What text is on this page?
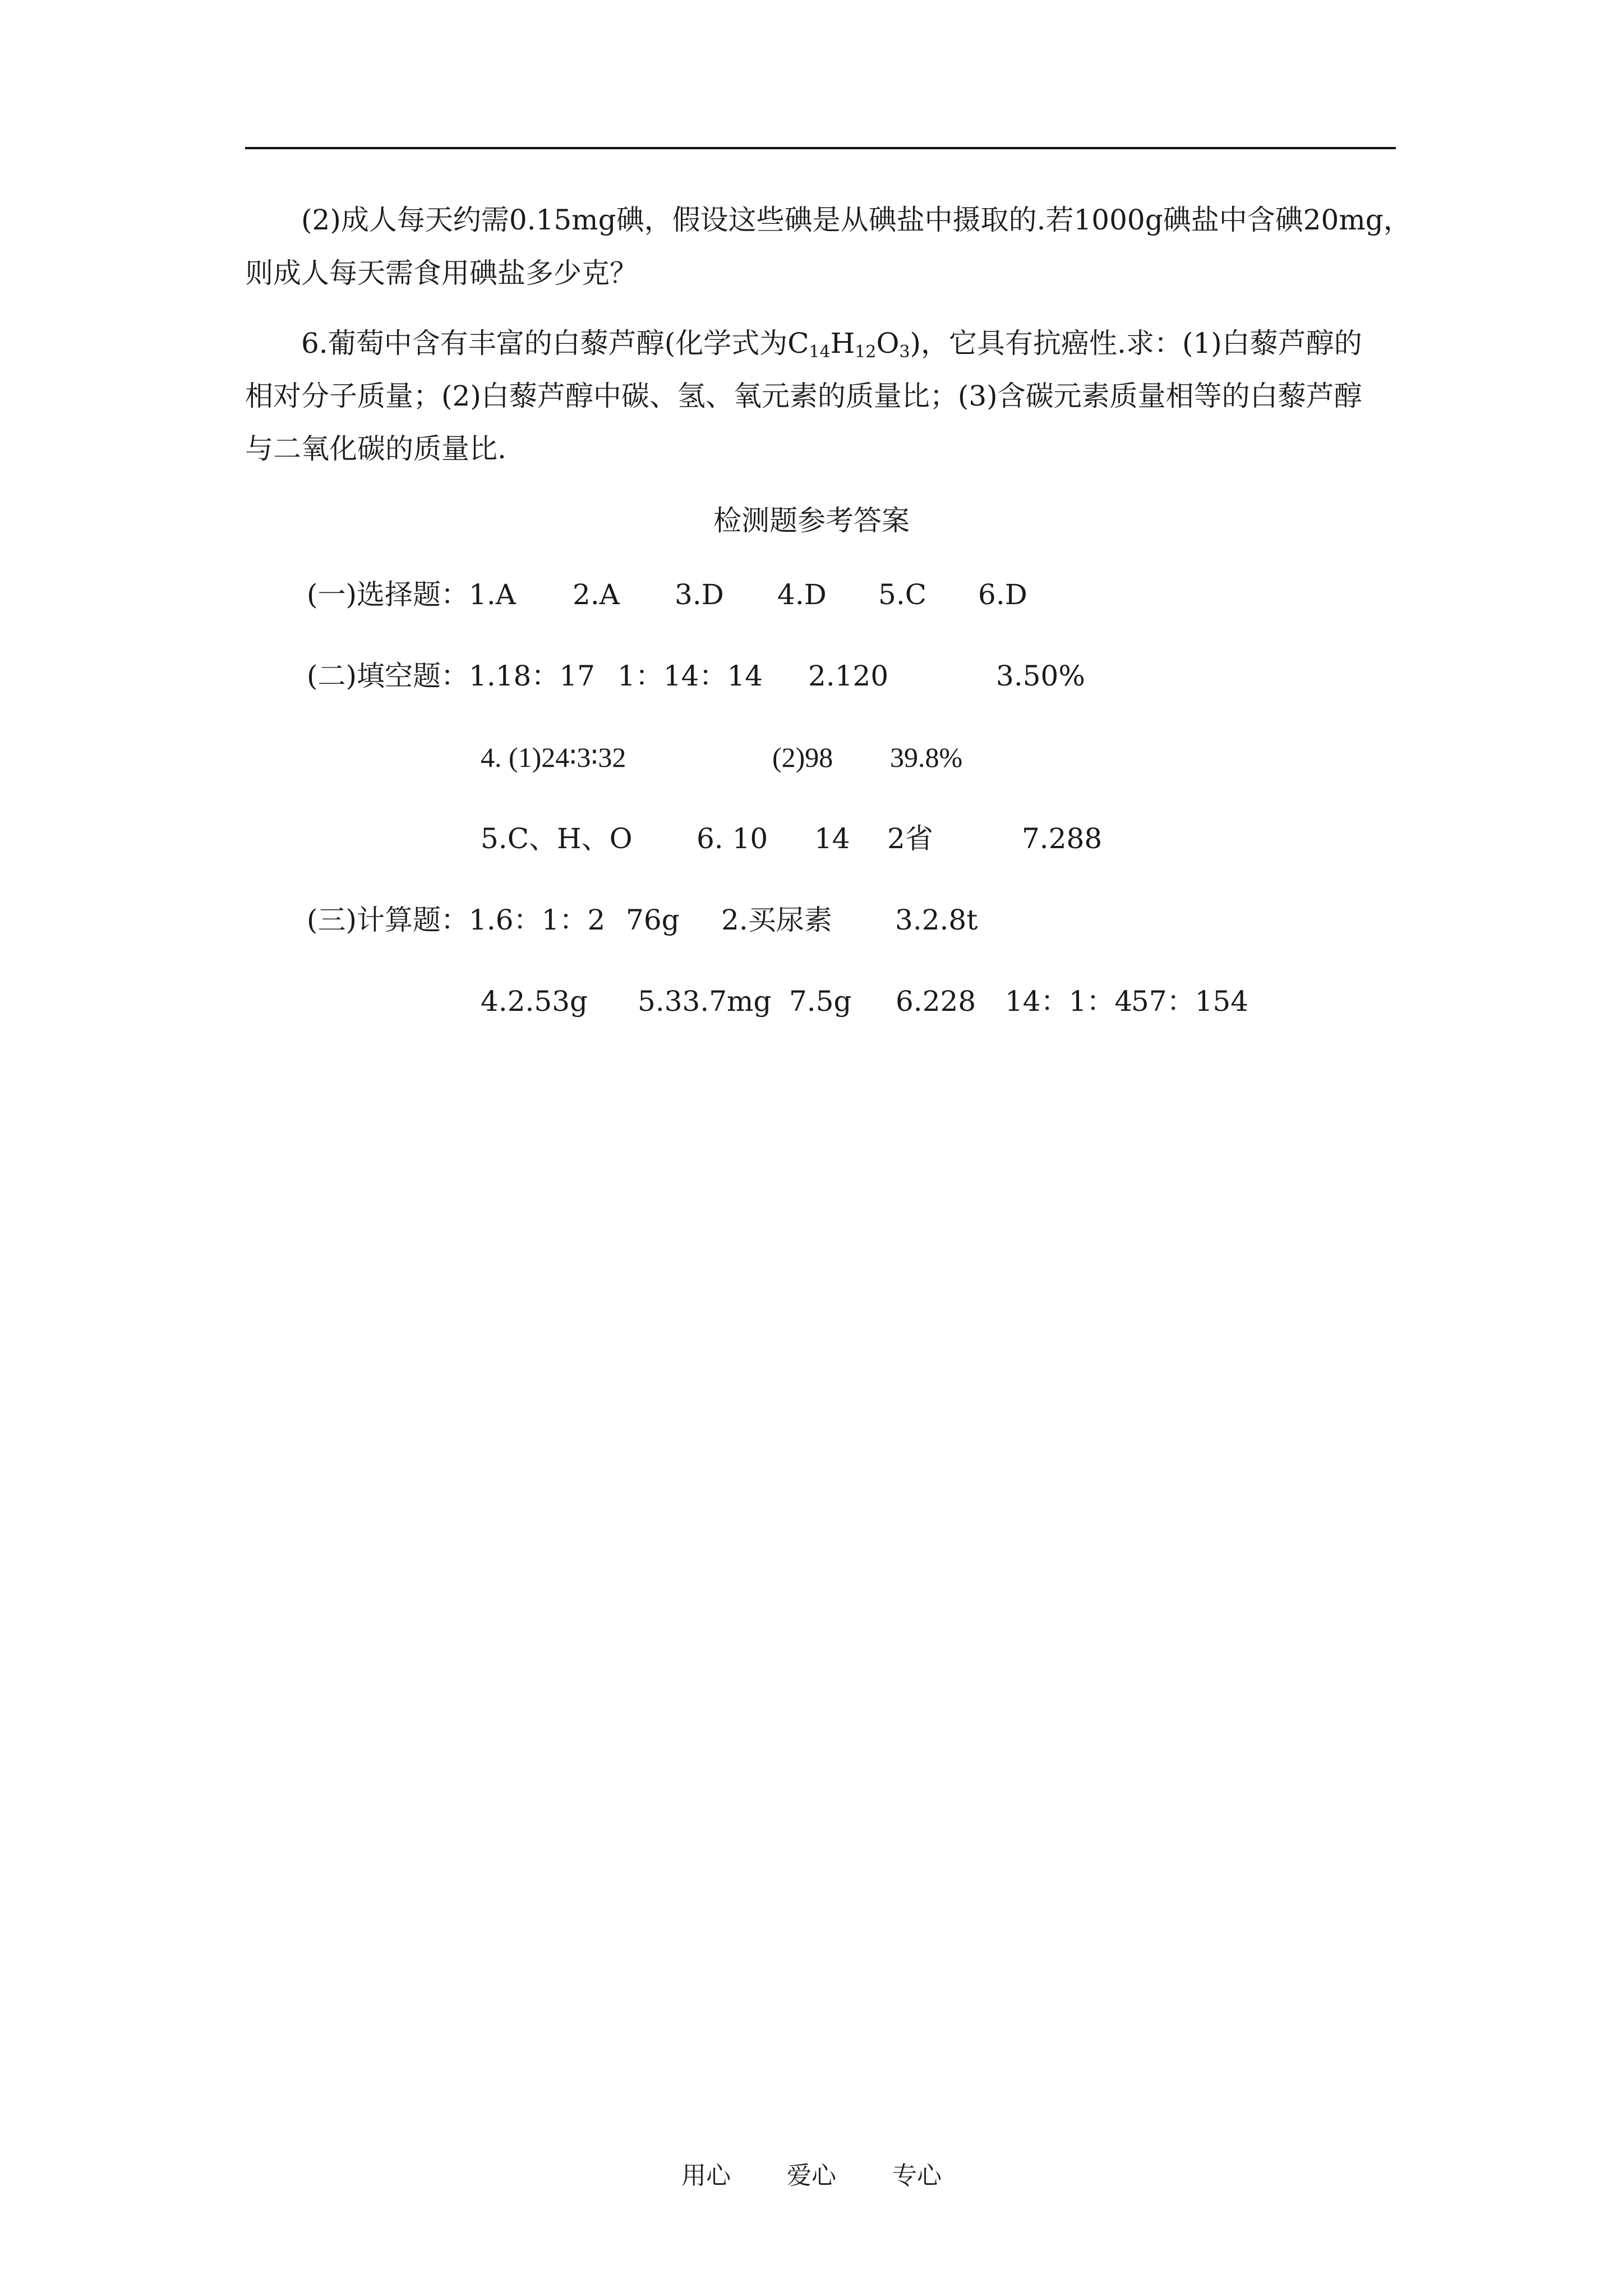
(2)成人每天约需0.15mg碘，假设这些碘是从碘盐中摄取的.若1000g碘盐中含碘20mg，
则成人每天需食用碘盐多少克？
6.葡萄中含有丰富的白藜芦醇(化学式为$C_{14}H_{12}O_3$)，它具有抗癌性.求：(1)白藜芦醇的
相对分子质量；(2)白藜芦醇中碳、氢、氧元素的质量比；(3)含碳元素质量相等的白藜芦醇
与二氧化碳的质量比.
检测题参考答案
(一)选择题：1.A 2.A 3.D 4.D 5.C 6.D
(二)填空题：1.18：17 1：14：14 2.120	3.50%
4. (1)24∶3∶32	(2)98 39.8%
5.C、H、O 6. 10 14 2省	7.288
(三)计算题：1.6：1：2 76g 2.买尿素 3.2.8t
4.2.53g 5.33.7mg 7.5g 6.228 14：1：457：154
用心 爱心 专心
